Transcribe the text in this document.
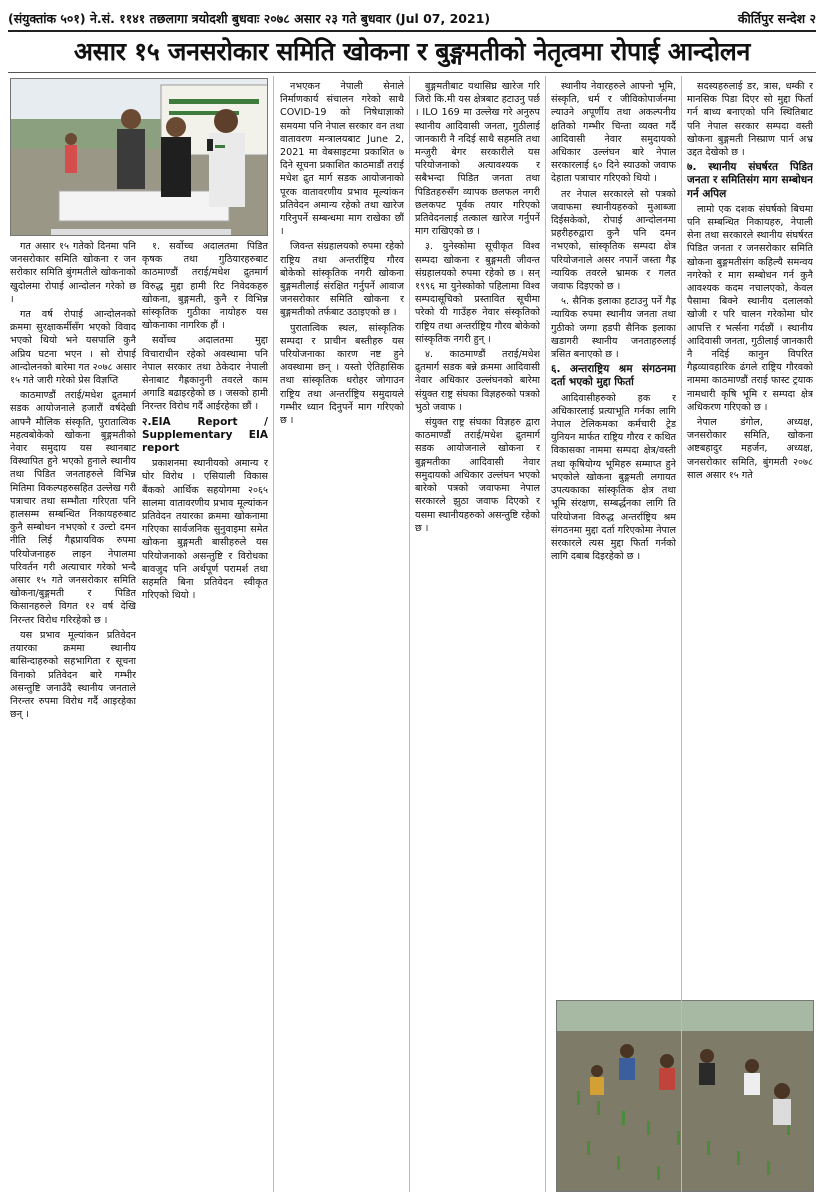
(संयुक्तांक ५०१) ने.सं. ११४१ तछलागा त्रयोदशी बुधवाः २०७८ असार २३ गते बुधवार (Jul 07, 2021)	कीर्तिपुर सन्देश २
असार १५ जनसरोकार समिति खोकना र बुङ्गमतीको नेतृत्वमा रोपाई आन्दोलन

गत असार १५ गतेको दिनमा पनि जनसरोकार समिति खोकना र जन सरोकार समिति बुंगमतीले खोकनाको खुदोलमा रोपाई आन्दोलन गरेको छ ।

गत वर्ष रोपाई आन्दोलनको क्रममा सुरक्षाकर्मीसँग भएको विवाद भएको थियो भने यसपालि कुनै अप्रिय घटना भएन । सो रोपाई आन्दोलनको बारेमा गत २०७८ असार १५ गते जारी गरेको प्रेस विज्ञप्ति

काठमाण्डौं तराई/मधेश द्रुतमार्ग सडक आयोजनाले हजारौं वर्षदेखी आफ्नै मौलिक संस्कृति, पुरातात्विक महत्वबोकेको खोकना बुङ्गमतीको नेवार समुदाय यस स्थानबाट विस्थापित हुने भएको हुनाले स्थानीय तथा पिडित जनताहरुले विभिन्न मितिमा विकल्पहरुसहित उल्लेख गरी पत्राचार तथा सम्भौता गरिएता पनि हालसम्म सम्बन्धित निकायहरुबाट कुनै सम्बोधन नभएको र उल्टो दमन नीति लिई गैह्रप्रायविक रुपमा परियोजनाहरु लाइन नेपालमा परिवर्तन गरी अत्याचार गरेको भन्दै असार १५ गते जनसरोकार समिति खोकना/बुङ्गमती र पिडित किसानहरुले विगत १२ वर्ष देखि निरन्तर विरोध गरिरहेको छ ।

यस प्रभाव मूल्यांकन प्रतिवेदन तयारका क्रममा स्थानीय बासिन्दाहरुको सहभागिता र सूचना विनाको प्रतिवेदन बारे गम्भीर असन्तुष्टि जनाउँदै स्थानीय जनताले निरन्तर रुपमा विरोध गर्दै आइरहेका छन् ।

१. सर्वोच्च अदालतमा पिडित कृषक तथा गुठियारहरुबाट काठमाण्डौं तराई/मधेश द्रुतमार्ग विरुद्ध मुद्दा हामी रिट निवेदकहरु खोकना, बुङ्गमती, कुनै र विभिन्न सांस्कृतिक गुठीका नायोहरु यस खोकनाका नागरिक हौं ।

सर्वोच्च अदालतमा मुद्दा विचाराधीन रहेको अवस्थामा पनि नेपाल सरकार तथा ठेकेदार नेपाली सेनाबाट गैह्रकानुनी तवरले काम अगाडि बढाइरहेको छ । जसको हामी निरन्तर विरोध गर्दै आईरहेका छौं ।

२.EIA Report / Supplementary EIA report

प्रकाशनमा स्थानीयको अमान्य र घोर विरोध । एसियाली विकास बैंकको आर्थिक सहयोगमा २०६५ सालमा वातावरणीय प्रभाव मूल्यांकन प्रतिवेदन तयारका क्रममा खोकनामा गरिएका सार्वजनिक सुनुवाइमा समेत खोकना बुङ्गमती बासीहरुले यस परियोजनाको असन्तुष्टि र विरोधका बावजुद पनि अर्थपूर्ण परामर्श तथा सहमति बिना प्रतिवेदन स्वीकृत गरिएको थियो ।

नभएकन नेपाली सेनाले निर्माणकार्य संचालन गरेको साथै COVID-19 को निषेधाज्ञाको समयमा पनि नेपाल सरकार वन तथा वातावरण मन्त्रालयबाट June 2, 2021 मा वेबसाइटमा प्रकाशित ७ दिने सूचना प्रकाशित काठमाडौं तराई मधेश द्रुत मार्ग सडक आयोजनाको पूरक वातावरणीय प्रभाव मूल्यांकन प्रतिवेदन अमान्य रहेको तथा खारेज गरिनुपर्ने सम्बन्धमा माग राखेका छौं ।

जिवन्त संग्रहालयको रुपमा रहेको राष्ट्रिय तथा अन्तर्राष्ट्रिय गौरव बोकेको सांस्कृतिक नगरी खोकना बुङ्गमतीलाई संरक्षित गर्नुपर्ने आवाज जनसरोकार समिति खोकना र बुङ्गमतीको तर्फबाट उठाइएको छ ।

पुरातात्विक स्थल, सांस्कृतिक सम्पदा र प्राचीन बस्तीहरु यस परियोजनाका कारण नष्ट हुने अवस्थामा छन् । यस्तो ऐतिहासिक तथा सांस्कृतिक धरोहर जोगाउन राष्ट्रिय तथा अन्तर्राष्ट्रिय समुदायले गम्भीर ध्यान दिनुपर्ने माग गरिएको छ ।

बुङ्गमतीबाट यथासिघ्र खारेज गरि जिरो कि.मी यस क्षेत्रबाट हटाउनु पर्छ । ILO 169 मा उल्लेख गरे अनुरुप स्थानीय आदिवासी जनता, गुठीलाई जानकारी नै नदिई साथै सहमति तथा मन्जुरी बेगर सरकारीले यस परियोजनाको अत्यावश्यक र सबैभन्दा पिडित जनता तथा पिडितहरुसँग व्यापक छलफल नगरी छलकपट पूर्वक तयार गरिएको प्रतिवेदनलाई तत्काल खारेज गर्नुपर्ने माग राखिएको छ ।

३. युनेस्कोमा सूचीकृत विश्व सम्पदा खोकना र बुङ्गमती जीवन्त संग्रहालयको रुपमा रहेको छ । सन् १९९६ मा युनेस्कोको पहिलामा विश्व सम्पदासूचिको प्रस्तावित सूचीमा परेको यी गाउँहरु नेवार संस्कृतिको राष्ट्रिय तथा अन्तर्राष्ट्रिय गौरव बोकेको सांस्कृतिक नगरी हुन् ।

४. काठमाण्डौं तराई/मधेश द्रुतमार्ग सडक बन्ने क्रममा आदिवासी नेवार अधिकार उल्लंघनको बारेमा संयुक्त राष्ट्र संघका विज्ञहरुको पत्रको भुठो जवाफ ।

संयुक्त राष्ट्र संघका विज्ञहरु द्वारा काठमाण्डौं तराई/मधेश द्रुतमार्ग सडक आयोजनाले खोकना र बुङ्गमतीका आदिवासी नेवार समुदायको अधिकार उल्लंघन भएको बारेको पत्रको जवाफमा नेपाल सरकारले झुठा जवाफ दिएको र यसमा स्थानीयहरुको असन्तुष्टि रहेको छ ।

स्थानीय नेवारहरुले आफ्नो भूमि, संस्कृति, धर्म र जीविकोपार्जनमा ल्याउने अपूर्णीय तथा अकल्पनीय क्षतिको गम्भीर चिन्ता व्यक्त गर्दै आदिवासी नेवार समुदायको अधिकार उल्लंघन बारे नेपाल सरकारलाई ६० दिने स्याउको जवाफ देहाता पत्राचार गरिएको थियो ।

तर नेपाल सरकारले सो पत्रको जवाफमा स्थानीयहरुको मुआब्जा दिईसकेको, रोपाई आन्दोलनमा प्रहरीहरुद्वारा कुनै पनि दमन नभएको, सांस्कृतिक सम्पदा क्षेत्र परियोजनाले असर नपार्ने जस्ता गैह्र न्यायिक तवरले भ्रामक र गलत जवाफ दिइएको छ ।

५. सैनिक इलाका हटाउनु पर्ने गैह्र न्यायिक रुपमा स्थानीय जनता तथा गुठीको जग्गा हडपी सैनिक इलाका खडागरी स्थानीय जनताहरुलाई त्रसित बनाएको छ ।

६. अन्तराष्ट्रिय श्रम संगठनमा दर्ता भएको मुद्दा फिर्ता

आदिवासीहरुको हक र अधिकारलाई प्रत्याभूति गर्नका लागि नेपाल टेलिकमका कर्मचारी ट्रेड युनियन मार्फत राष्ट्रिय गौरव र कथित विकासका नाममा सम्पदा क्षेत्र/वस्ती तथा कृषियोग्य भूमिहरु सम्माप्त हुने भएकोले खोकना बुङ्गमती लगायत उपत्यकाका सांस्कृतिक क्षेत्र तथा भूमि संरक्षण, सम्बर्द्धनका लागि ति परियोजना विरुद्ध अन्तर्राष्ट्रिय श्रम संगठनमा मुद्दा दर्ता गरिएकोमा नेपाल सरकारले त्यस मुद्दा फिर्ता गर्नको लागि दबाब दिइरहेको छ ।

सदस्यहरुलाई डर, त्रास, धम्की र मानसिक पिडा दिएर सो मुद्दा फिर्ता गर्न बाध्य बनाएको पनि स्थितिबाट पनि नेपाल सरकार सम्पदा वस्ती खोकना बुङ्गमती निस्प्राण पार्न अभ्र उद्दत देखेको छ ।

७. स्थानीय संघर्षरत पिडित जनता र समितिसंग माग सम्बोधन गर्न अपिल

लामो एक दशक संघर्षको बिचमा पनि सम्बन्धित निकायहरु, नेपाली सेना तथा सरकारले स्थानीय संघर्षरत पिडित जनता र जनसरोकार समिति खोकना बुङ्गमतीसंग कहिल्यै समन्वय नगरेको र माग सम्बोधन गर्न कुनै आवश्यक कदम नचालएको, केवल पैसामा बिक्ने स्थानीय दलालको खोजी र परि चालन गरेकोमा घोर आपत्ति र भर्त्सना गर्दछौं । स्थानीय आदिवासी जनता, गुठीलाई जानकारी नै नदिई कानुन विपरित गैह्रव्यावहारिक ढंगले राष्ट्रिय गौरवको नाममा काठमाण्डौं तराई फास्ट ट्रयाक नामधारी कृषि भूमि र सम्पदा क्षेत्र अधिकरण गरिएको छ ।

नेपाल डंगोल, अध्यक्ष, जनसरोकार समिति, खोकना अष्टबहादुर महर्जन, अध्यक्ष, जनसरोकार समिति, बुंगमती २०७८ साल असार १५ गते
